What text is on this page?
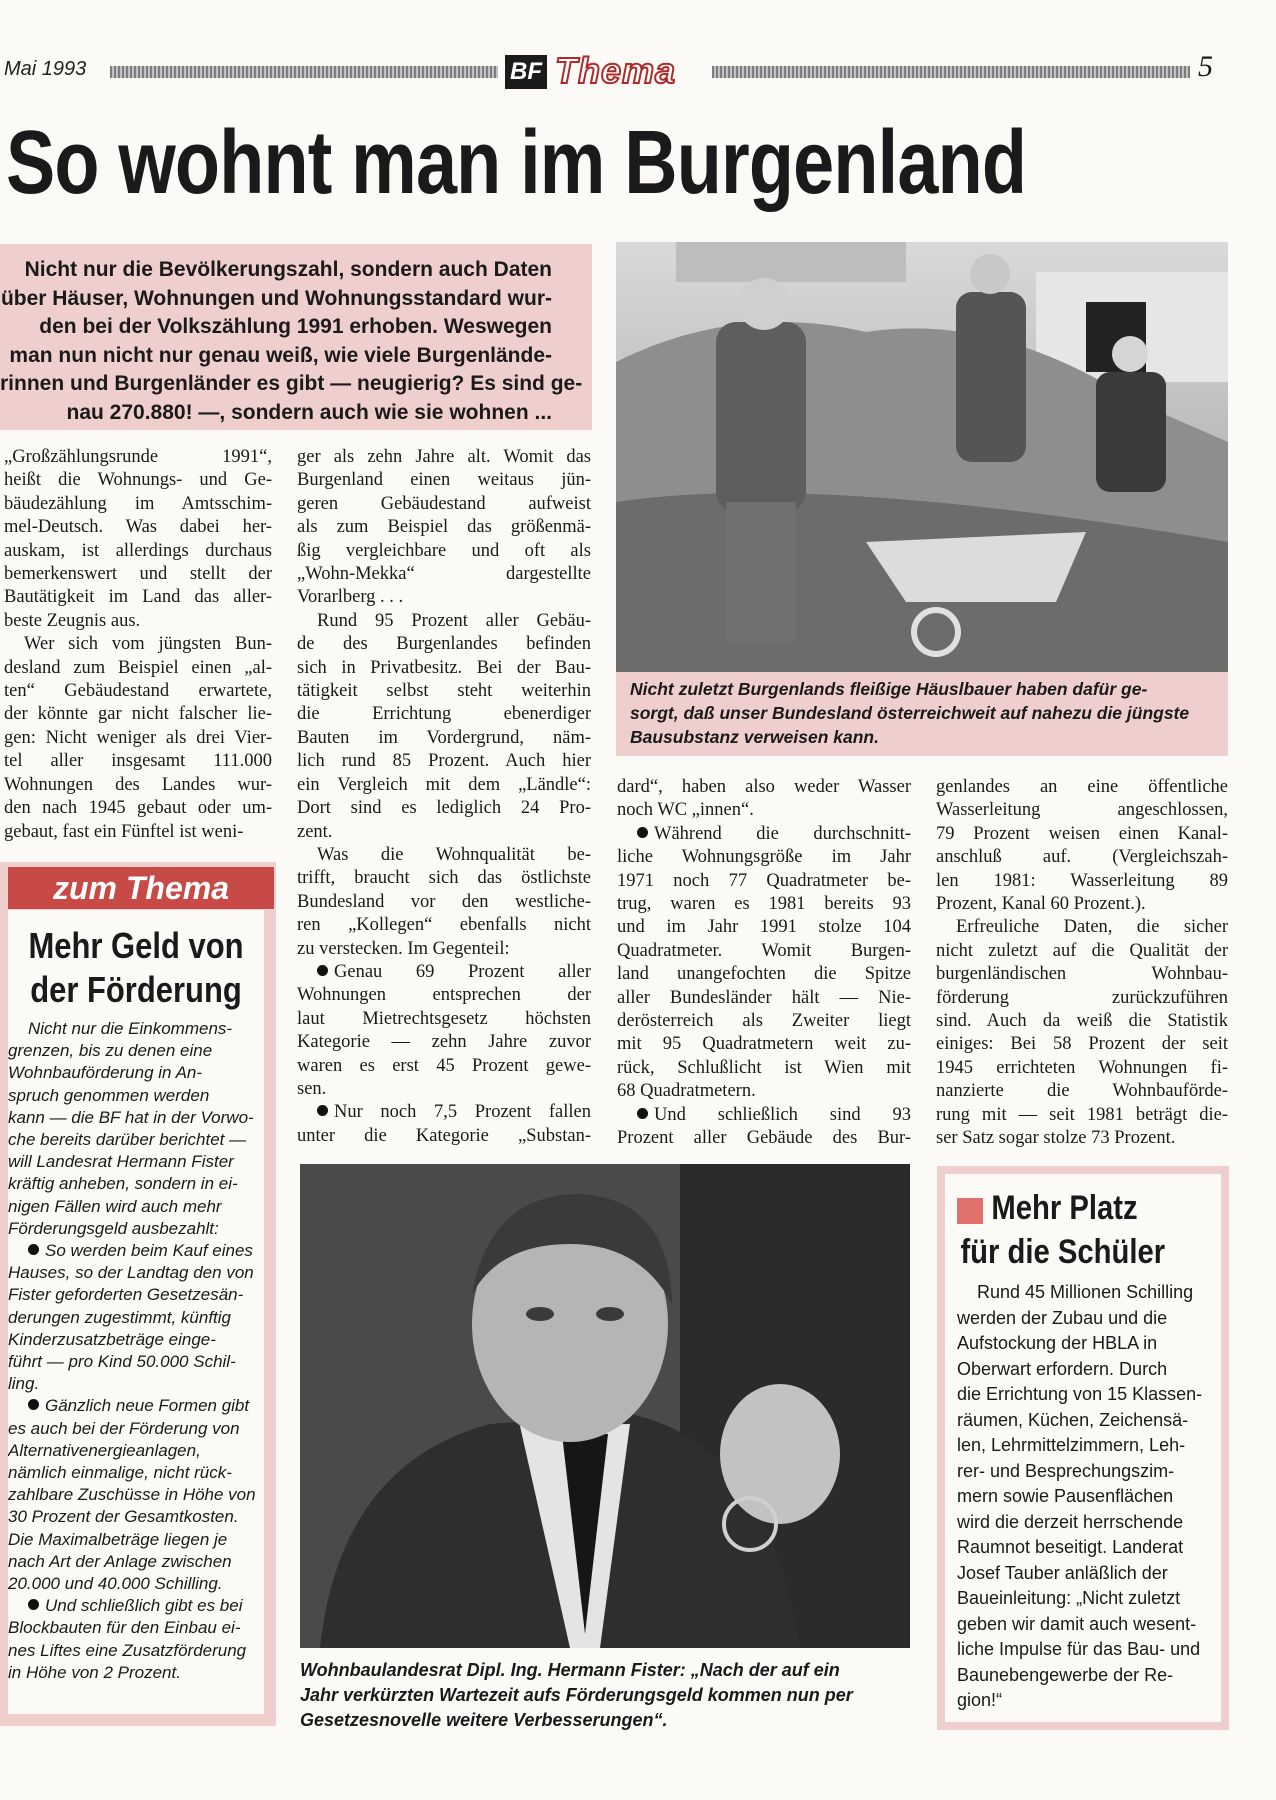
Mai 1993	BF Thema	5
So wohnt man im Burgenland
Nicht nur die Bevölkerungszahl, sondern auch Daten
über Häuser, Wohnungen und Wohnungsstandard wur-
den bei der Volkszählung 1991 erhoben. Weswegen
man nun nicht nur genau weiß, wie viele Burgenlände-
rinnen und Burgenländer es gibt — neugierig? Es sind ge-
nau 270.880! —, sondern auch wie sie wohnen ...

„Großzählungsrunde 1991“,

heißt die Wohnungs- und Ge-

bäudezählung im Amtsschim-

mel-Deutsch. Was dabei her-

auskam, ist allerdings durchaus

bemerkenswert und stellt der

Bautätigkeit im Land das aller-

beste Zeugnis aus.

Wer sich vom jüngsten Bun-

desland zum Beispiel einen „al-

ten“ Gebäudestand erwartete,

der könnte gar nicht falscher lie-

gen: Nicht weniger als drei Vier-

tel aller insgesamt 111.000

Wohnungen des Landes wur-

den nach 1945 gebaut oder um-

gebaut, fast ein Fünftel ist weni-

ger als zehn Jahre alt. Womit das

Burgenland einen weitaus jün-

geren Gebäudestand aufweist

als zum Beispiel das größenmä-

ßig vergleichbare und oft als

„Wohn-Mekka“ dargestellte

Vorarlberg . . .

Rund 95 Prozent aller Gebäu-

de des Burgenlandes befinden

sich in Privatbesitz. Bei der Bau-

tätigkeit selbst steht weiterhin

die Errichtung ebenerdiger

Bauten im Vordergrund, näm-

lich rund 85 Prozent. Auch hier

ein Vergleich mit dem „Ländle“:

Dort sind es lediglich 24 Pro-

zent.

Was die Wohnqualität be-

trifft, braucht sich das östlichste

Bundesland vor den westliche-

ren „Kollegen“ ebenfalls nicht

zu verstecken. Im Gegenteil:

Genau 69 Prozent aller

Wohnungen entsprechen der

laut Mietrechtsgesetz höchsten

Kategorie — zehn Jahre zuvor

waren es erst 45 Prozent gewe-

sen.

Nur noch 7,5 Prozent fallen

unter die Kategorie „Substan-

Nicht zuletzt Burgenlands fleißige Häuslbauer haben dafür ge-
sorgt, daß unser Bundesland österreichweit auf nahezu die jüngste
Bausubstanz verweisen kann.

dard“, haben also weder Wasser

noch WC „innen“.

Während die durchschnitt-

liche Wohnungsgröße im Jahr

1971 noch 77 Quadratmeter be-

trug, waren es 1981 bereits 93

und im Jahr 1991 stolze 104

Quadratmeter. Womit Burgen-

land unangefochten die Spitze

aller Bundesländer hält — Nie-

derösterreich als Zweiter liegt

mit 95 Quadratmetern weit zu-

rück, Schlußlicht ist Wien mit

68 Quadratmetern.

Und schließlich sind 93

Prozent aller Gebäude des Bur-

genlandes an eine öffentliche

Wasserleitung angeschlossen,

79 Prozent weisen einen Kanal-

anschluß auf. (Vergleichszah-

len 1981: Wasserleitung 89

Prozent, Kanal 60 Prozent.).

Erfreuliche Daten, die sicher

nicht zuletzt auf die Qualität der

burgenländischen Wohnbau-

förderung zurückzuführen

sind. Auch da weiß die Statistik

einiges: Bei 58 Prozent der seit

1945 errichteten Wohnungen fi-

nanzierte die Wohnbauförde-

rung mit — seit 1981 beträgt die-

ser Satz sogar stolze 73 Prozent.

Wohnbaulandesrat Dipl. Ing. Hermann Fister: „Nach der auf ein
Jahr verkürzten Wartezeit aufs Förderungsgeld kommen nun per
Gesetzesnovelle weitere Verbesserungen“.
zum Thema
Mehr Geld von
der Förderung

Nicht nur die Einkommens-

grenzen, bis zu denen eine

Wohnbauförderung in An-

spruch genommen werden

kann — die BF hat in der Vorwo-

che bereits darüber berichtet —

will Landesrat Hermann Fister

kräftig anheben, sondern in ei-

nigen Fällen wird auch mehr

Förderungsgeld ausbezahlt:

So werden beim Kauf eines

Hauses, so der Landtag den von

Fister geforderten Gesetzesän-

derungen zugestimmt, künftig

Kinderzusatzbeträge einge-

führt — pro Kind 50.000 Schil-

ling.

Gänzlich neue Formen gibt

es auch bei der Förderung von

Alternativenergieanlagen,

nämlich einmalige, nicht rück-

zahlbare Zuschüsse in Höhe von

30 Prozent der Gesamtkosten.

Die Maximalbeträge liegen je

nach Art der Anlage zwischen

20.000 und 40.000 Schilling.

Und schließlich gibt es bei

Blockbauten für den Einbau ei-

nes Liftes eine Zusatzförderung

in Höhe von 2 Prozent.

Mehr Platz
für die Schüler

Rund 45 Millionen Schilling

werden der Zubau und die

Aufstockung der HBLA in

Oberwart erfordern. Durch

die Errichtung von 15 Klassen-

räumen, Küchen, Zeichensä-

len, Lehrmittelzimmern, Leh-

rer- und Besprechungszim-

mern sowie Pausenflächen

wird die derzeit herrschende

Raumnot beseitigt. Landerat

Josef Tauber anläßlich der

Baueinleitung: „Nicht zuletzt

geben wir damit auch wesent-

liche Impulse für das Bau- und

Baunebengewerbe der Re-

gion!“
